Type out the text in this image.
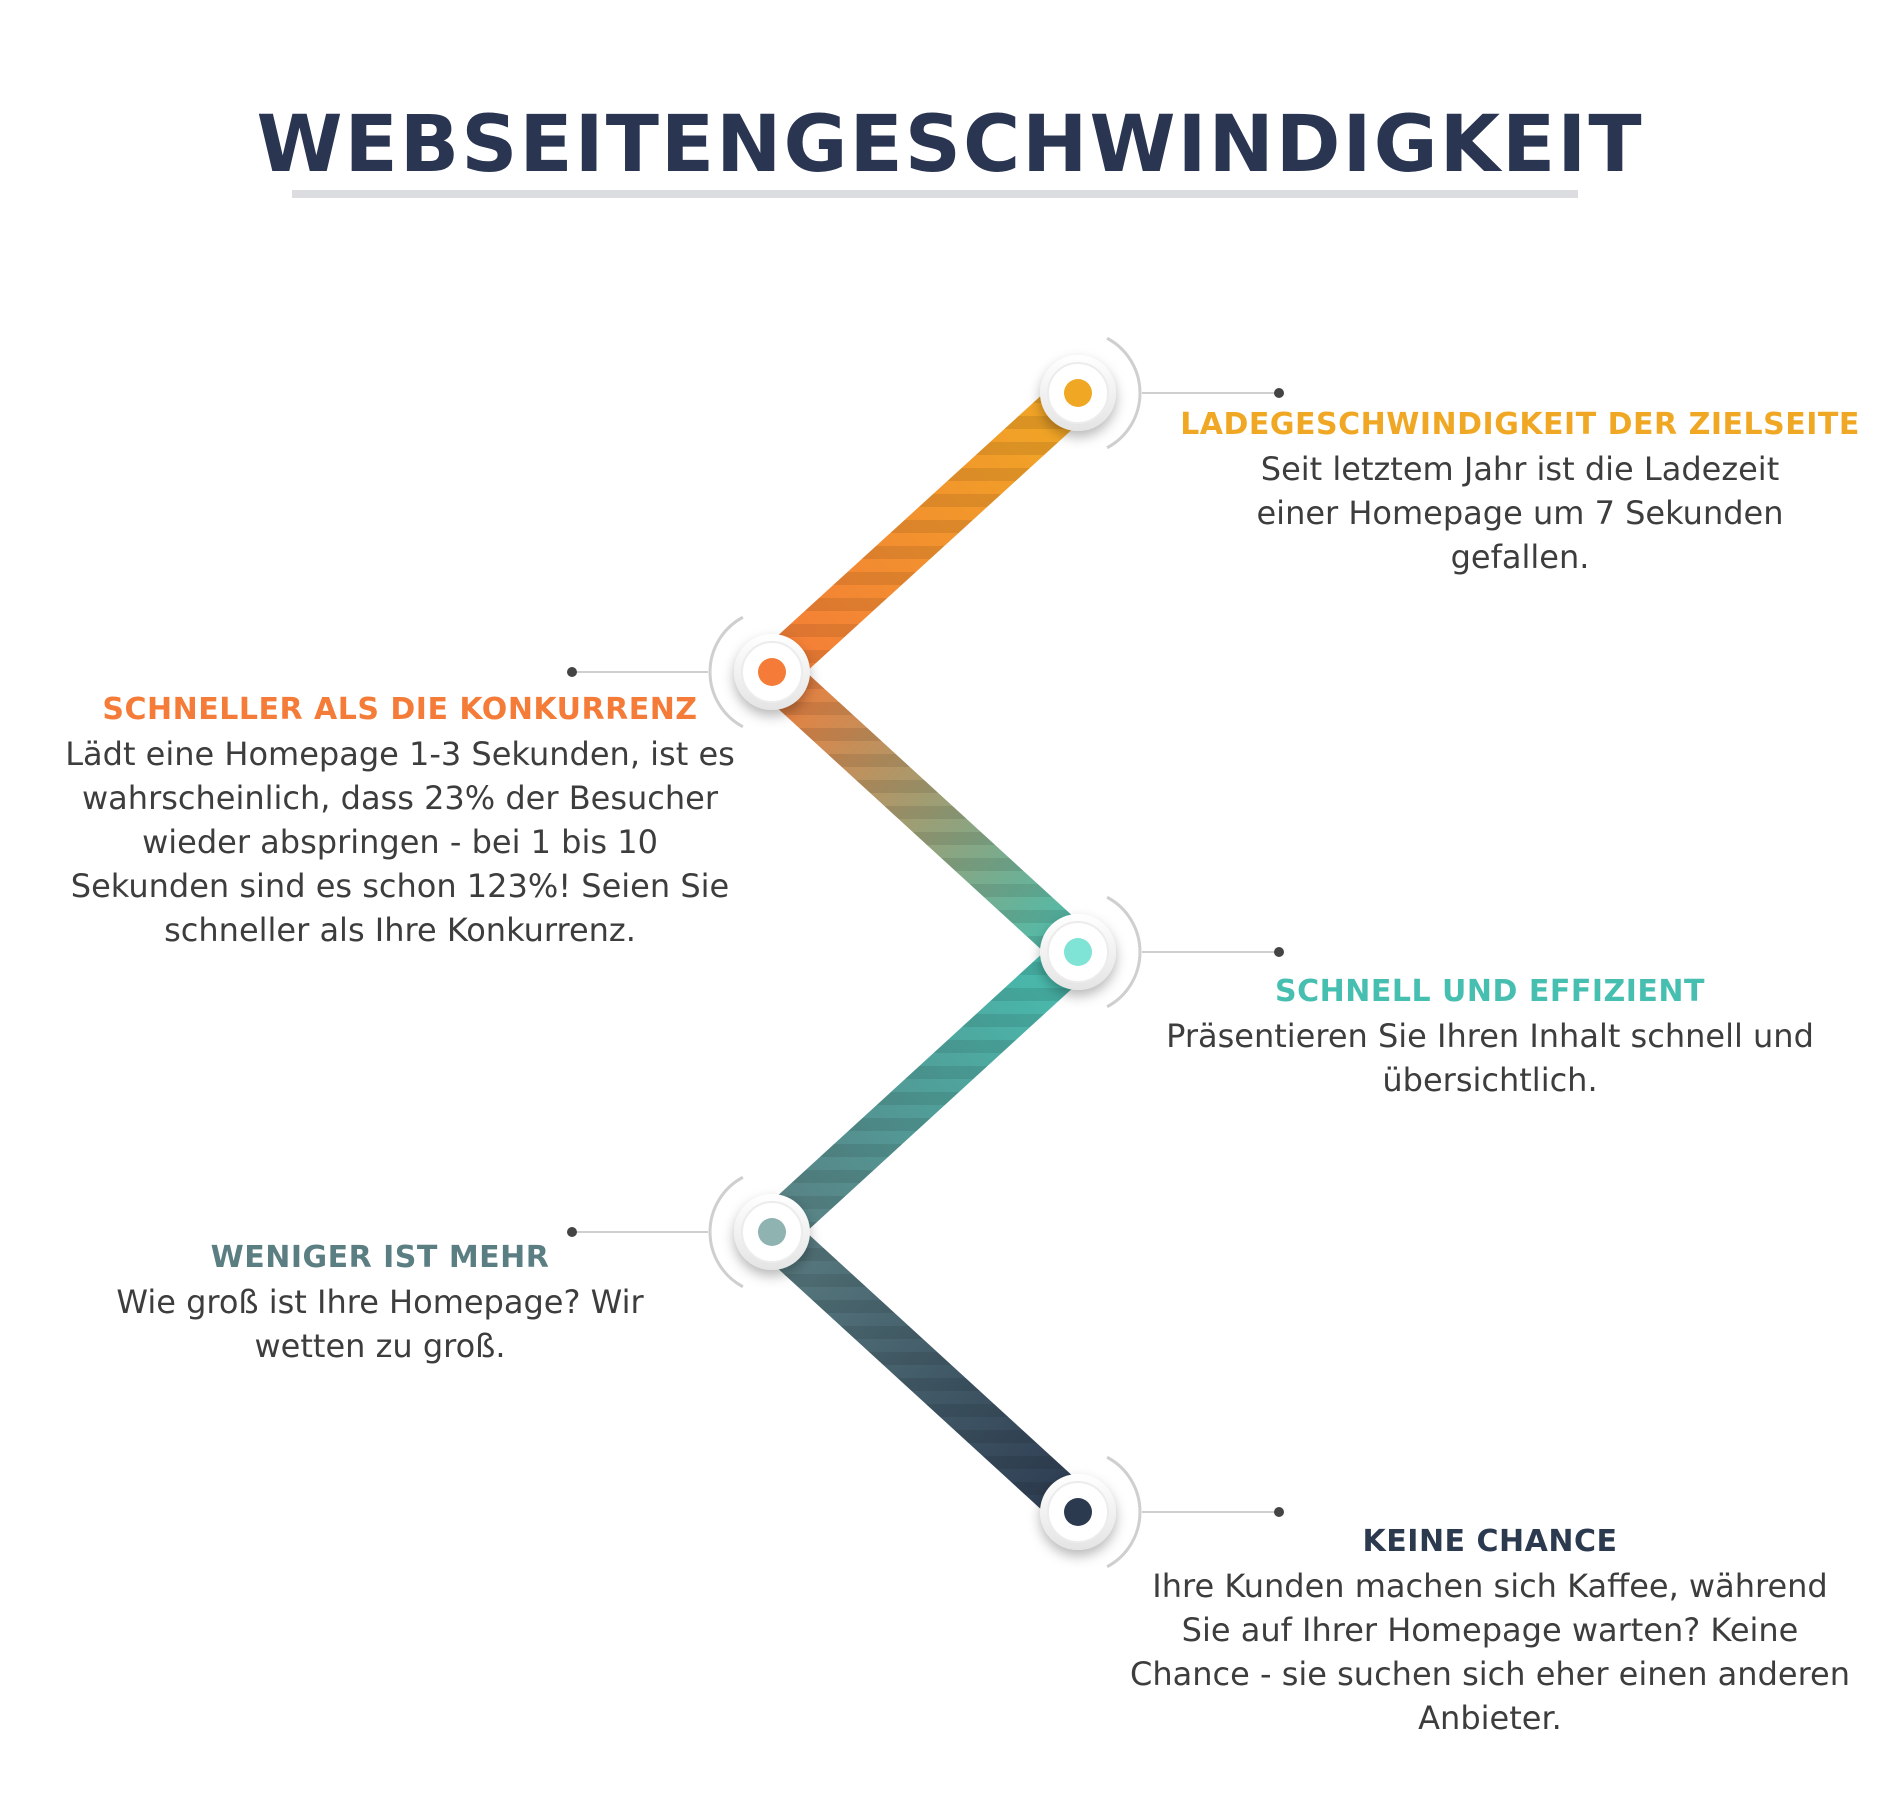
WEBSEITENGESCHWINDIGKEIT
LADEGESCHWINDIGKEIT DER ZIELSEITE

Seit letztem Jahr ist die Ladezeit einer Homepage um 7 Sekunden gefallen.

SCHNELLER ALS DIE KONKURRENZ

Lädt eine Homepage 1-3 Sekunden, ist es wahrscheinlich, dass 23% der Besucher wieder abspringen - bei 1 bis 10 Sekunden sind es schon 123%! Seien Sie schneller als Ihre Konkurrenz.

SCHNELL UND EFFIZIENT

Präsentieren Sie Ihren Inhalt schnell und übersichtlich.

WENIGER IST MEHR

Wie groß ist Ihre Homepage? Wir wetten zu groß.

KEINE CHANCE

Ihre Kunden machen sich Kaffee, während Sie auf Ihrer Homepage warten? Keine Chance - sie suchen sich eher einen anderen Anbieter.
